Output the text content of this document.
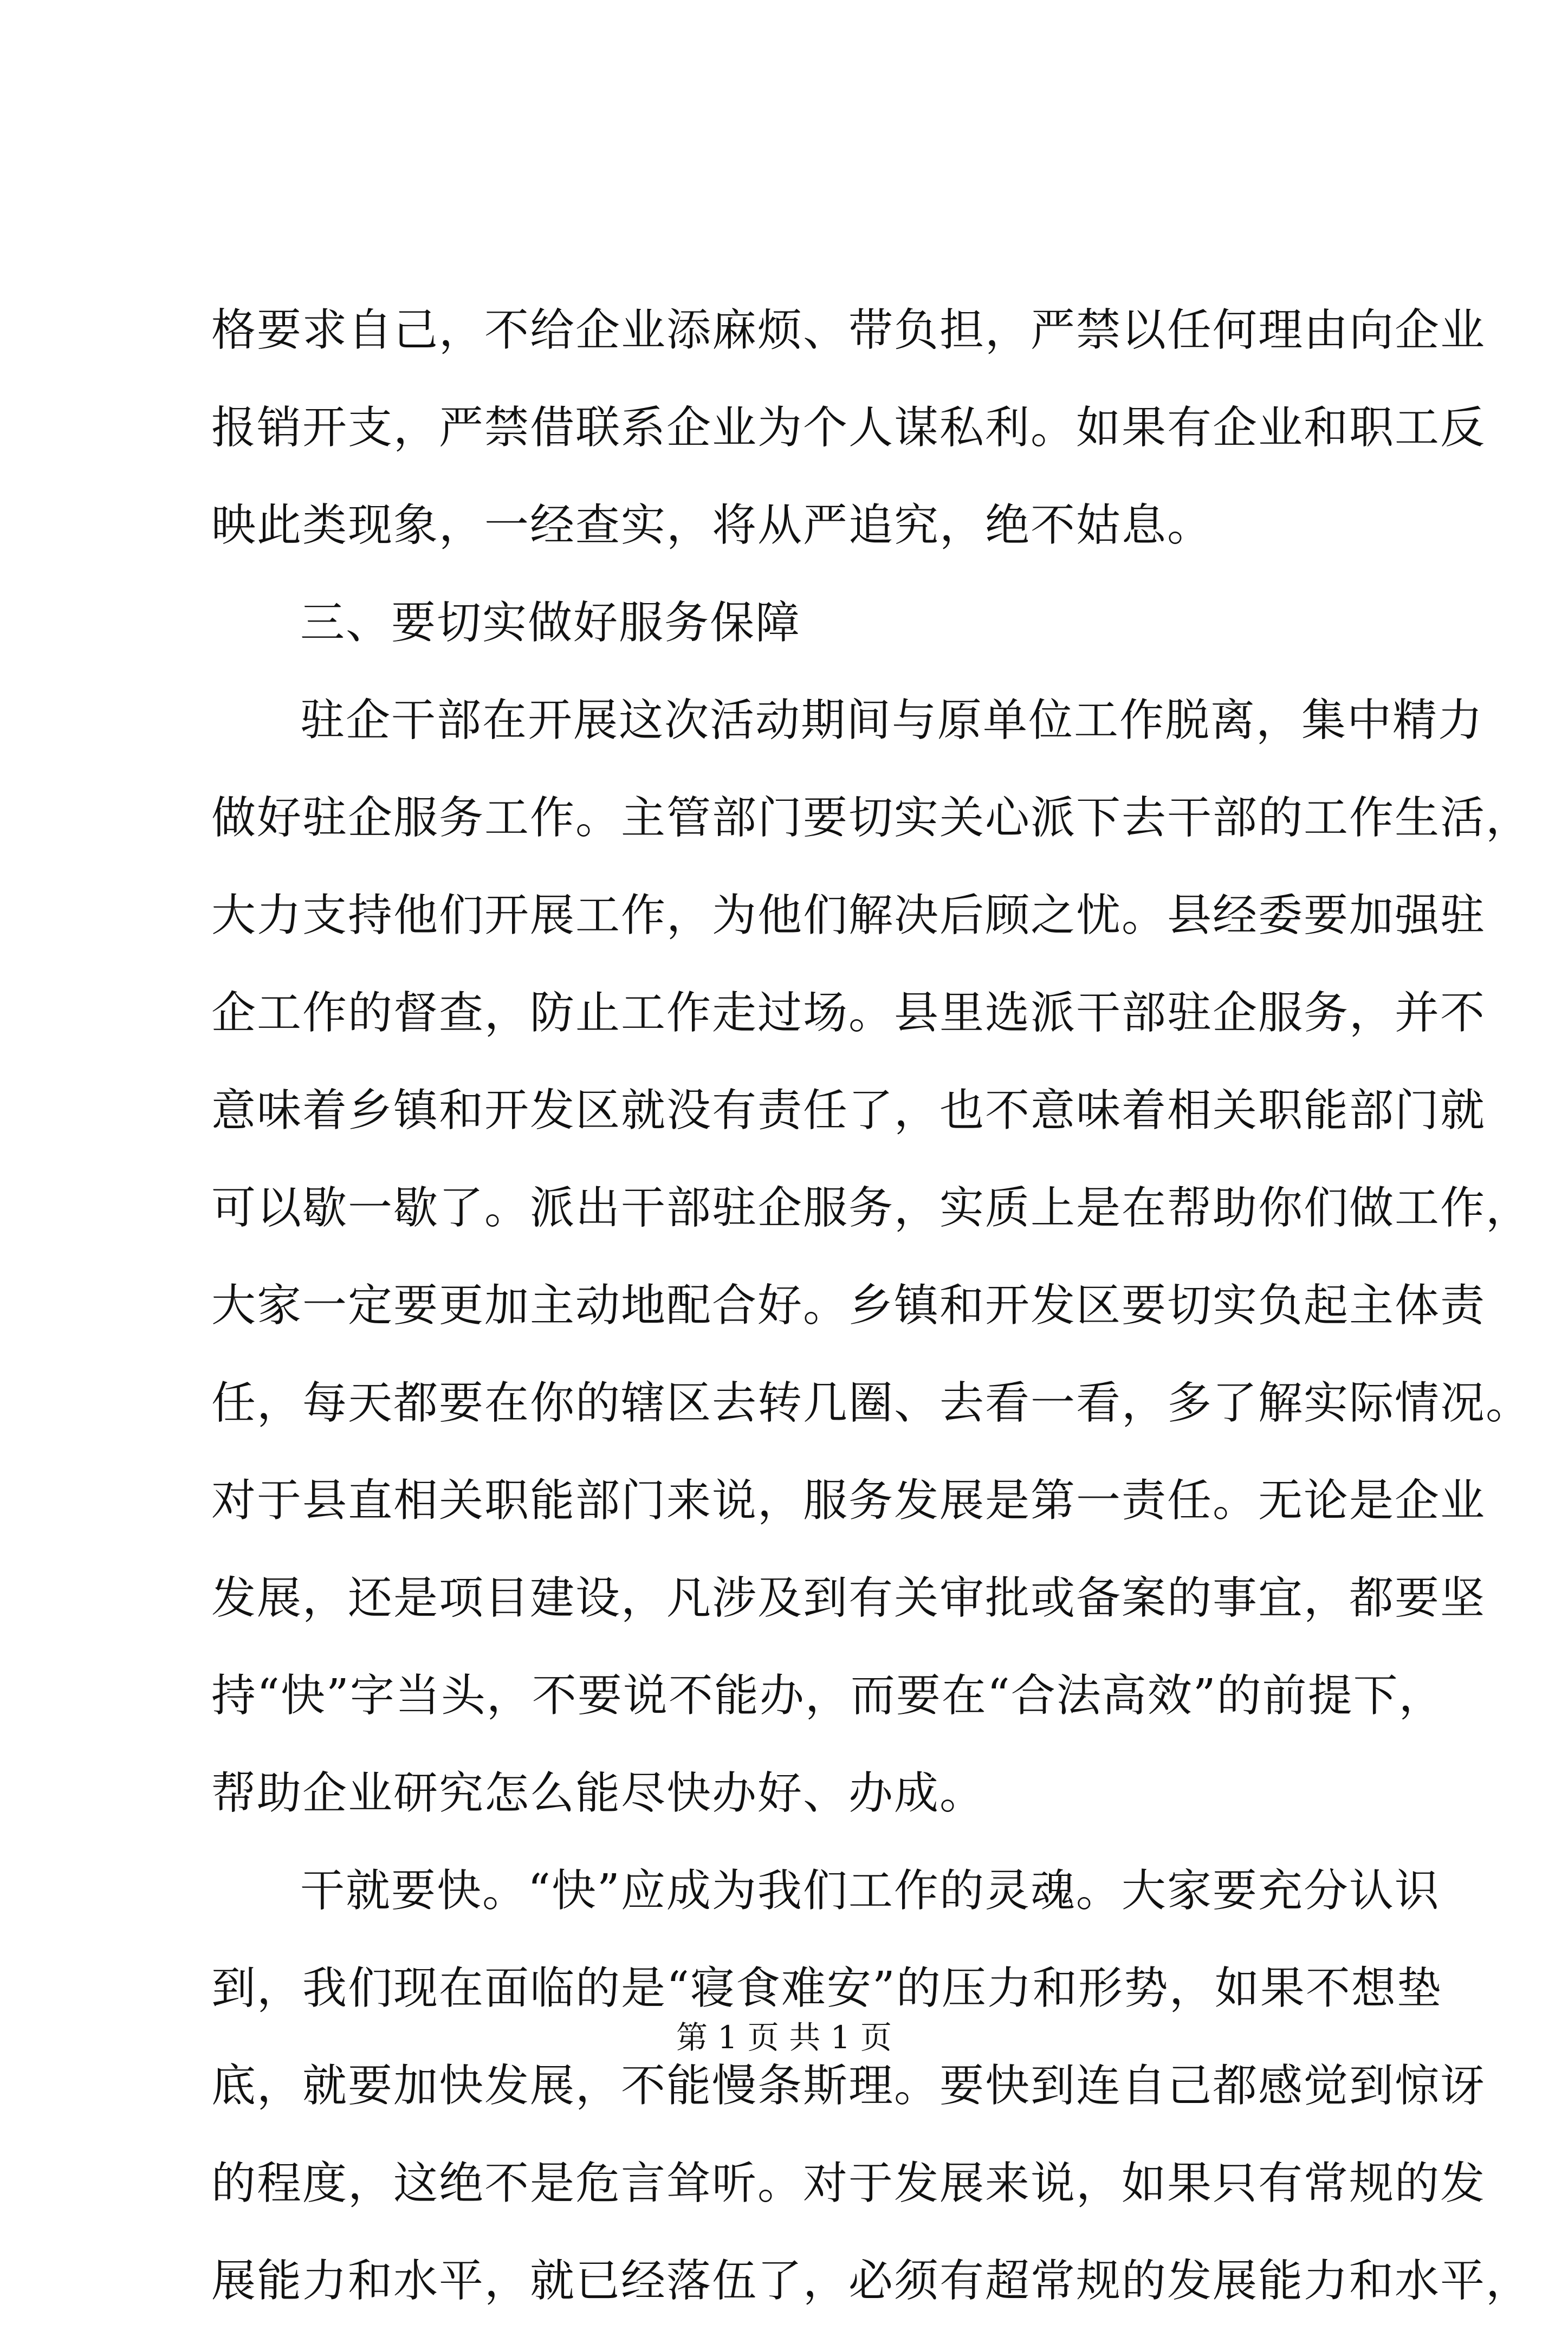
格要求自己，不给企业添麻烦、带负担，严禁以任何理由向企业
报销开支，严禁借联系企业为个人谋私利。如果有企业和职工反
映此类现象，一经查实，将从严追究，绝不姑息。
三、要切实做好服务保障
驻企干部在开展这次活动期间与原单位工作脱离，集中精力
做好驻企服务工作。主管部门要切实关心派下去干部的工作生活，
大力支持他们开展工作，为他们解决后顾之忧。县经委要加强驻
企工作的督查，防止工作走过场。县里选派干部驻企服务，并不
意味着乡镇和开发区就没有责任了，也不意味着相关职能部门就
可以歇一歇了。派出干部驻企服务，实质上是在帮助你们做工作，
大家一定要更加主动地配合好。乡镇和开发区要切实负起主体责
任，每天都要在你的辖区去转几圈、去看一看，多了解实际情况。
对于县直相关职能部门来说，服务发展是第一责任。无论是企业
发展，还是项目建设，凡涉及到有关审批或备案的事宜，都要坚
持“快”字当头，不要说不能办，而要在“合法高效”的前提下，
帮助企业研究怎么能尽快办好、办成。
干就要快。“快”应成为我们工作的灵魂。大家要充分认识
到，我们现在面临的是“寝食难安”的压力和形势，如果不想垫
底，就要加快发展，不能慢条斯理。要快到连自己都感觉到惊讶
的程度，这绝不是危言耸听。对于发展来说，如果只有常规的发
展能力和水平，就已经落伍了，必须有超常规的发展能力和水平，
第 1 页 共 1 页
